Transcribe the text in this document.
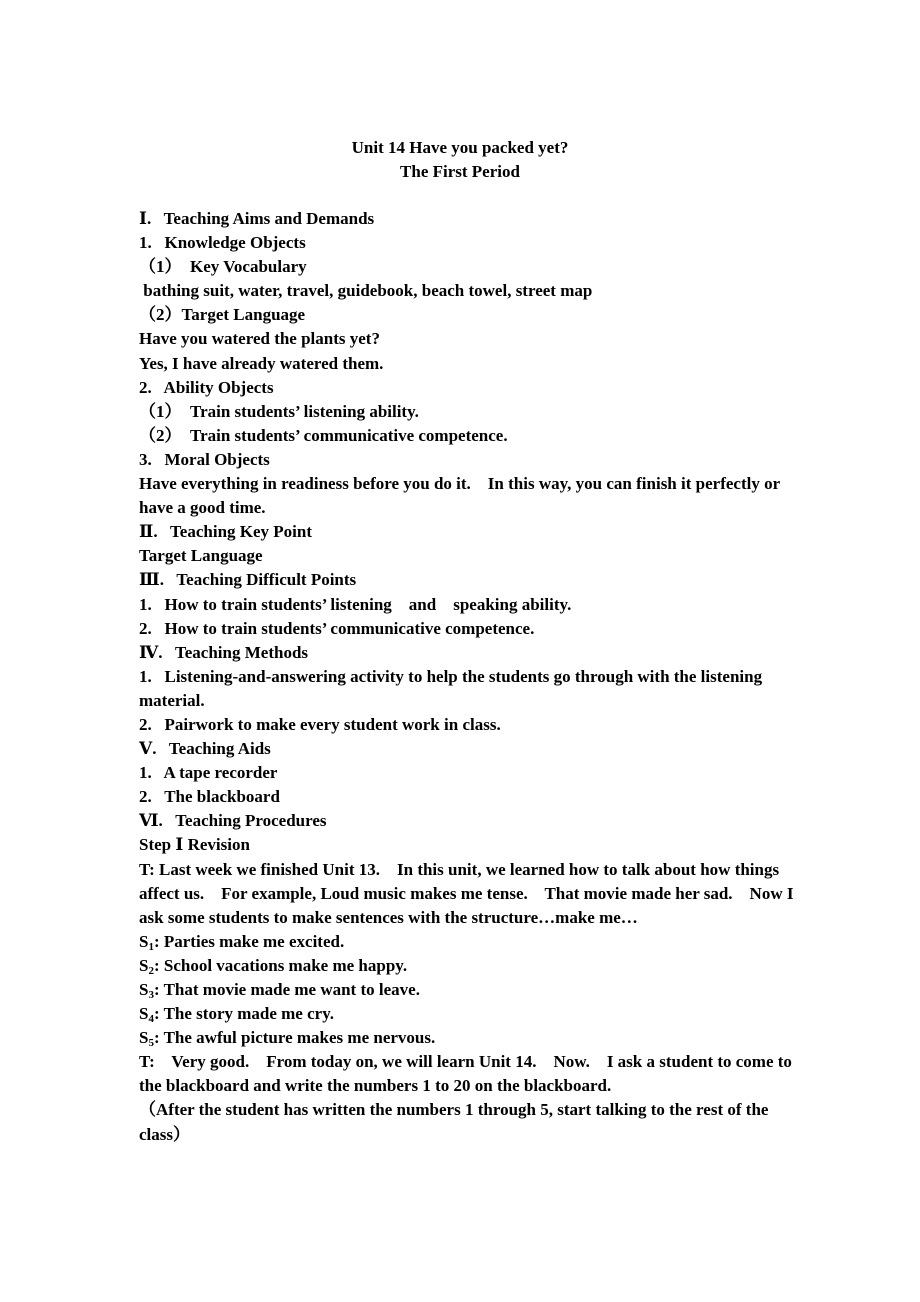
Unit 14 Have you packed yet?
The First Period
Ⅰ.   Teaching Aims and Demands
1.   Knowledge Objects
（1）  Key Vocabulary
bathing suit, water, travel, guidebook, beach towel, street map
（2）Target Language
Have you watered the plants yet?
Yes, I have already watered them.
2.   Ability Objects
（1）  Train students’ listening ability.
（2）  Train students’ communicative competence.
3.   Moral Objects
Have everything in readiness before you do it.    In this way, you can finish it perfectly or have a good time.
Ⅱ.   Teaching Key Point
Target Language
Ⅲ.   Teaching Difficult Points
1.   How to train students’ listening    and    speaking ability.
2.   How to train students’ communicative competence.
Ⅳ.   Teaching Methods
1.   Listening-and-answering activity to help the students go through with the listening material.
2.   Pairwork to make every student work in class.
Ⅴ.   Teaching Aids
1.   A tape recorder
2.   The blackboard
Ⅵ.   Teaching Procedures
Step Ⅰ Revision
T: Last week we finished Unit 13.    In this unit, we learned how to talk about how things affect us.    For example, Loud music makes me tense.    That movie made her sad.    Now I ask some students to make sentences with the structure…make me…
$S_1$: Parties make me excited.
$S_2$: School vacations make me happy.
$S_3$: That movie made me want to leave.
$S_4$: The story made me cry.
$S_5$: The awful picture makes me nervous.
T:    Very good.    From today on, we will learn Unit 14.    Now.    I ask a student to come to the blackboard and write the numbers 1 to 20 on the blackboard.
（After the student has written the numbers 1 through 5, start talking to the rest of the class）
